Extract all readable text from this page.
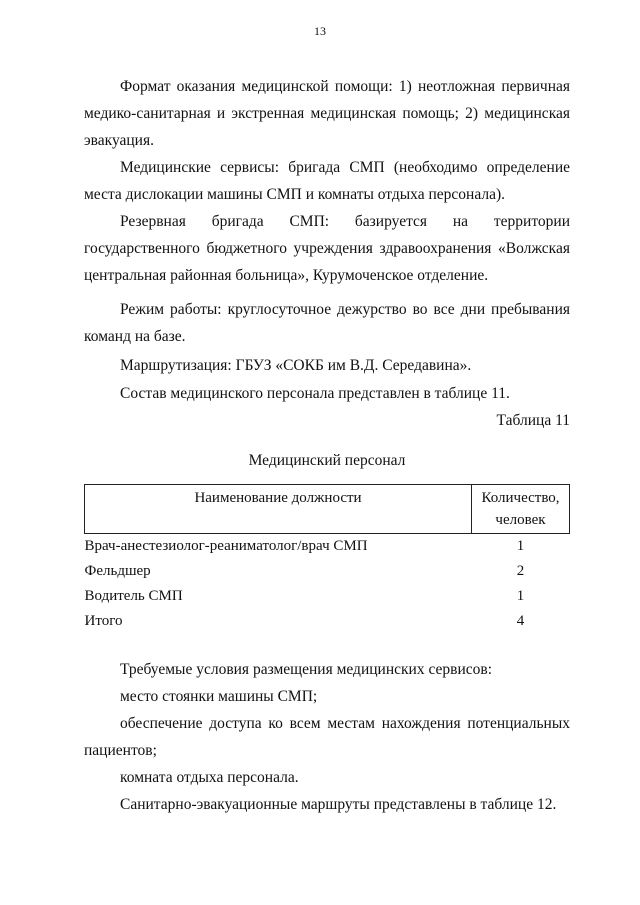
13
Формат оказания медицинской помощи: 1) неотложная первичная медико-санитарная и экстренная медицинская помощь; 2) медицинская эвакуация.
Медицинские сервисы: бригада СМП (необходимо определение места дислокации машины СМП и комнаты отдыха персонала).
Резервная бригада СМП: базируется на территории государственного бюджетного учреждения здравоохранения «Волжская центральная районная больница», Курумоченское отделение.
Режим работы: круглосуточное дежурство во все дни пребывания команд на базе.
Маршрутизация: ГБУЗ «СОКБ им В.Д. Середавина».
Состав медицинского персонала представлен в таблице 11.
Таблица 11
Медицинский персонал
Наименование должности	Количество, человек
Врач-анестезиолог-реаниматолог/врач СМП	1
Фельдшер	2
Водитель СМП	1
Итого	4
Требуемые условия размещения медицинских сервисов:
место стоянки машины СМП;
обеспечение доступа ко всем местам нахождения потенциальных пациентов;
комната отдыха персонала.
Санитарно-эвакуационные маршруты представлены в таблице 12.
